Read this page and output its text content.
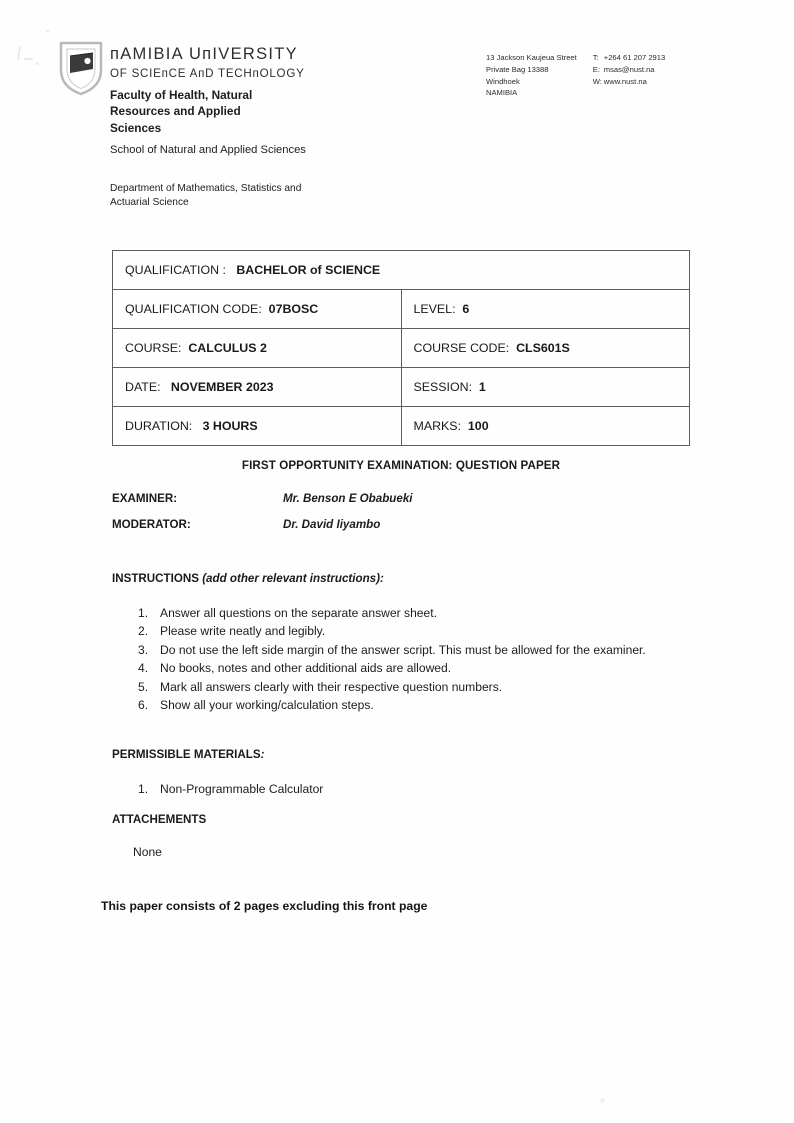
ᴨAMIBIA UᴨIVERSITY
OF SCIEᴨCE AᴨD TECHᴨOLOGY
Faculty of Health, Natural Resources and Applied Sciences
School of Natural and Applied Sciences
Department of Mathematics, Statistics and Actuarial Science
13 Jackson Kaujeua Street
Private Bag 13388
Windhoek
NAMIBIA
T: +264 61 207 2913
E: msas@nust.na
W: www.nust.na
QUALIFICATION : BACHELOR of SCIENCE	
QUALIFICATION CODE: 07BOSC	LEVEL: 6
COURSE: CALCULUS 2	COURSE CODE: CLS601S
DATE: NOVEMBER 2023	SESSION: 1
DURATION: 3 HOURS	MARKS: 100
FIRST OPPORTUNITY EXAMINATION: QUESTION PAPER
EXAMINER:	Mr. Benson E Obabueki
MODERATOR:	Dr. David Iiyambo
INSTRUCTIONS (add other relevant instructions):
1. Answer all questions on the separate answer sheet.
2. Please write neatly and legibly.
3. Do not use the left side margin of the answer script. This must be allowed for the examiner.
4. No books, notes and other additional aids are allowed.
5. Mark all answers clearly with their respective question numbers.
6. Show all your working/calculation steps.
PERMISSIBLE MATERIALS:
1. Non-Programmable Calculator
ATTACHEMENTS
None
This paper consists of 2 pages excluding this front page
